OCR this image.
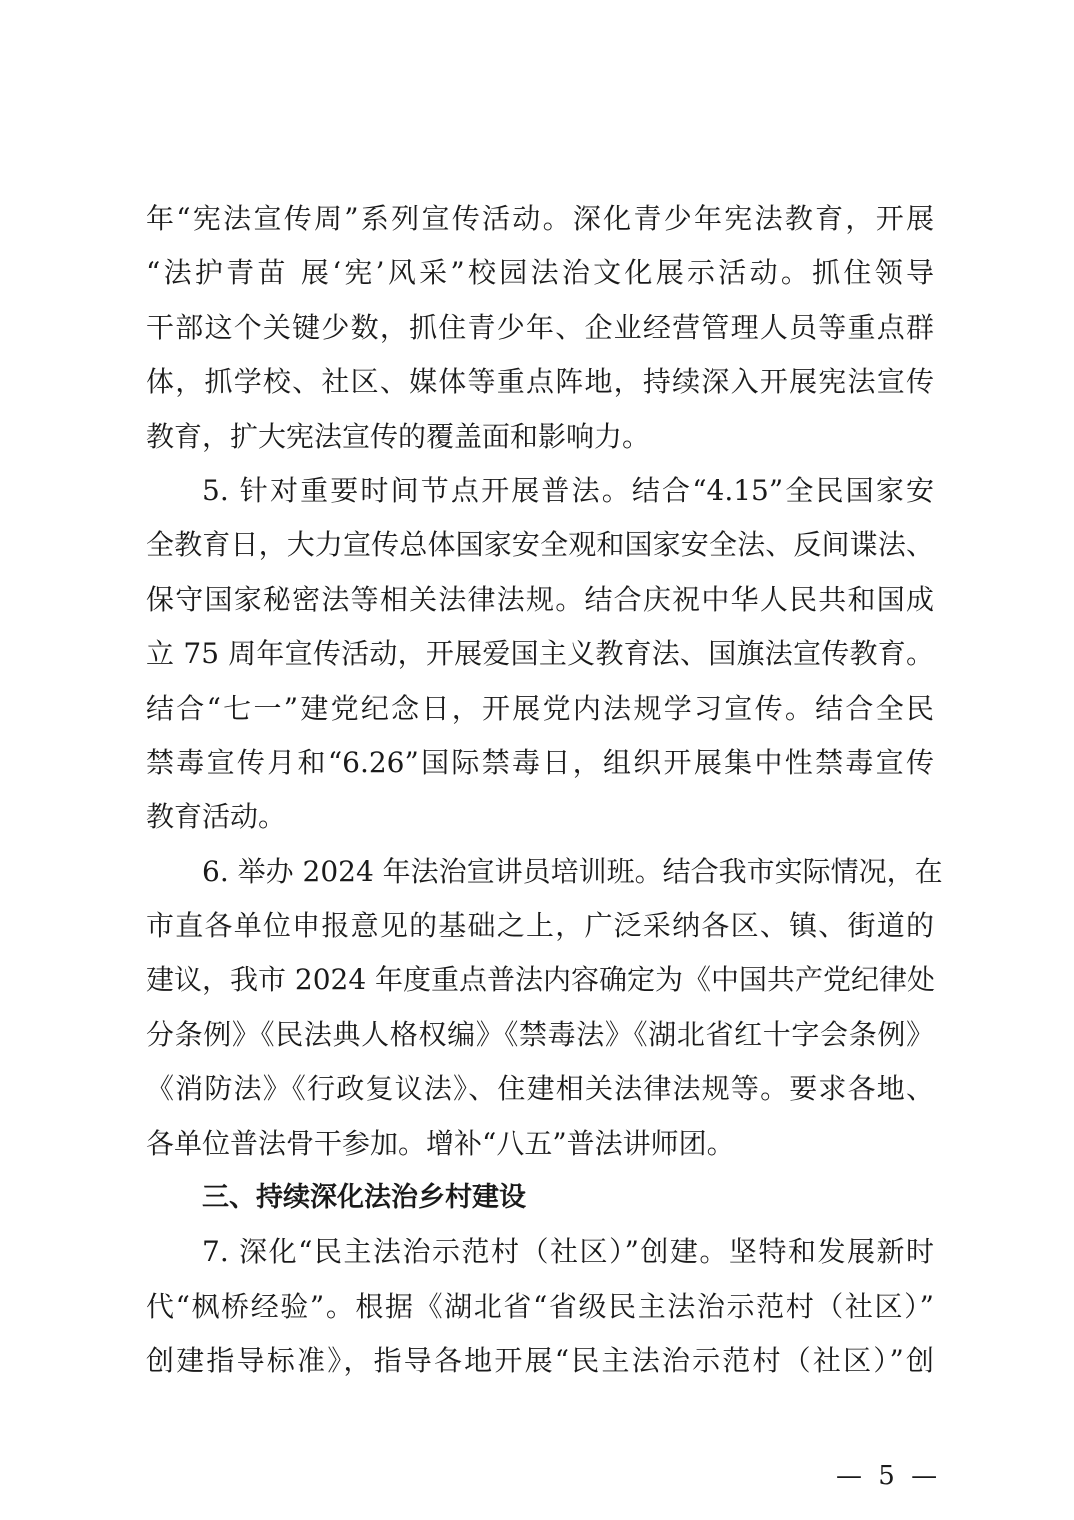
年“宪法宣传周”系列宣传活动。深化青少年宪法教育，开展
“法护青苗 展‘宪’风采”校园法治文化展示活动。抓住领导
干部这个关键少数，抓住青少年、企业经营管理人员等重点群
体，抓学校、社区、媒体等重点阵地，持续深入开展宪法宣传
教育，扩大宪法宣传的覆盖面和影响力。
5. 针对重要时间节点开展普法。结合“4.15”全民国家安
全教育日，大力宣传总体国家安全观和国家安全法、反间谍法、
保守国家秘密法等相关法律法规。结合庆祝中华人民共和国成
立 75 周年宣传活动，开展爱国主义教育法、国旗法宣传教育。
结合“七一”建党纪念日，开展党内法规学习宣传。结合全民
禁毒宣传月和“6.26”国际禁毒日，组织开展集中性禁毒宣传
教育活动。
6. 举办 2024 年法治宣讲员培训班。结合我市实际情况，在
市直各单位申报意见的基础之上，广泛采纳各区、镇、街道的
建议，我市 2024 年度重点普法内容确定为《中国共产党纪律处
分条例》《民法典人格权编》《禁毒法》《湖北省红十字会条例》
《消防法》《行政复议法》、住建相关法律法规等。要求各地、
各单位普法骨干参加。增补“八五”普法讲师团。
三、持续深化法治乡村建设
7. 深化“民主法治示范村（社区）”创建。坚特和发展新时
代“枫桥经验”。根据《湖北省“省级民主法治示范村（社区）”
创建指导标准》，指导各地开展“民主法治示范村（社区）”创
— 5 —
